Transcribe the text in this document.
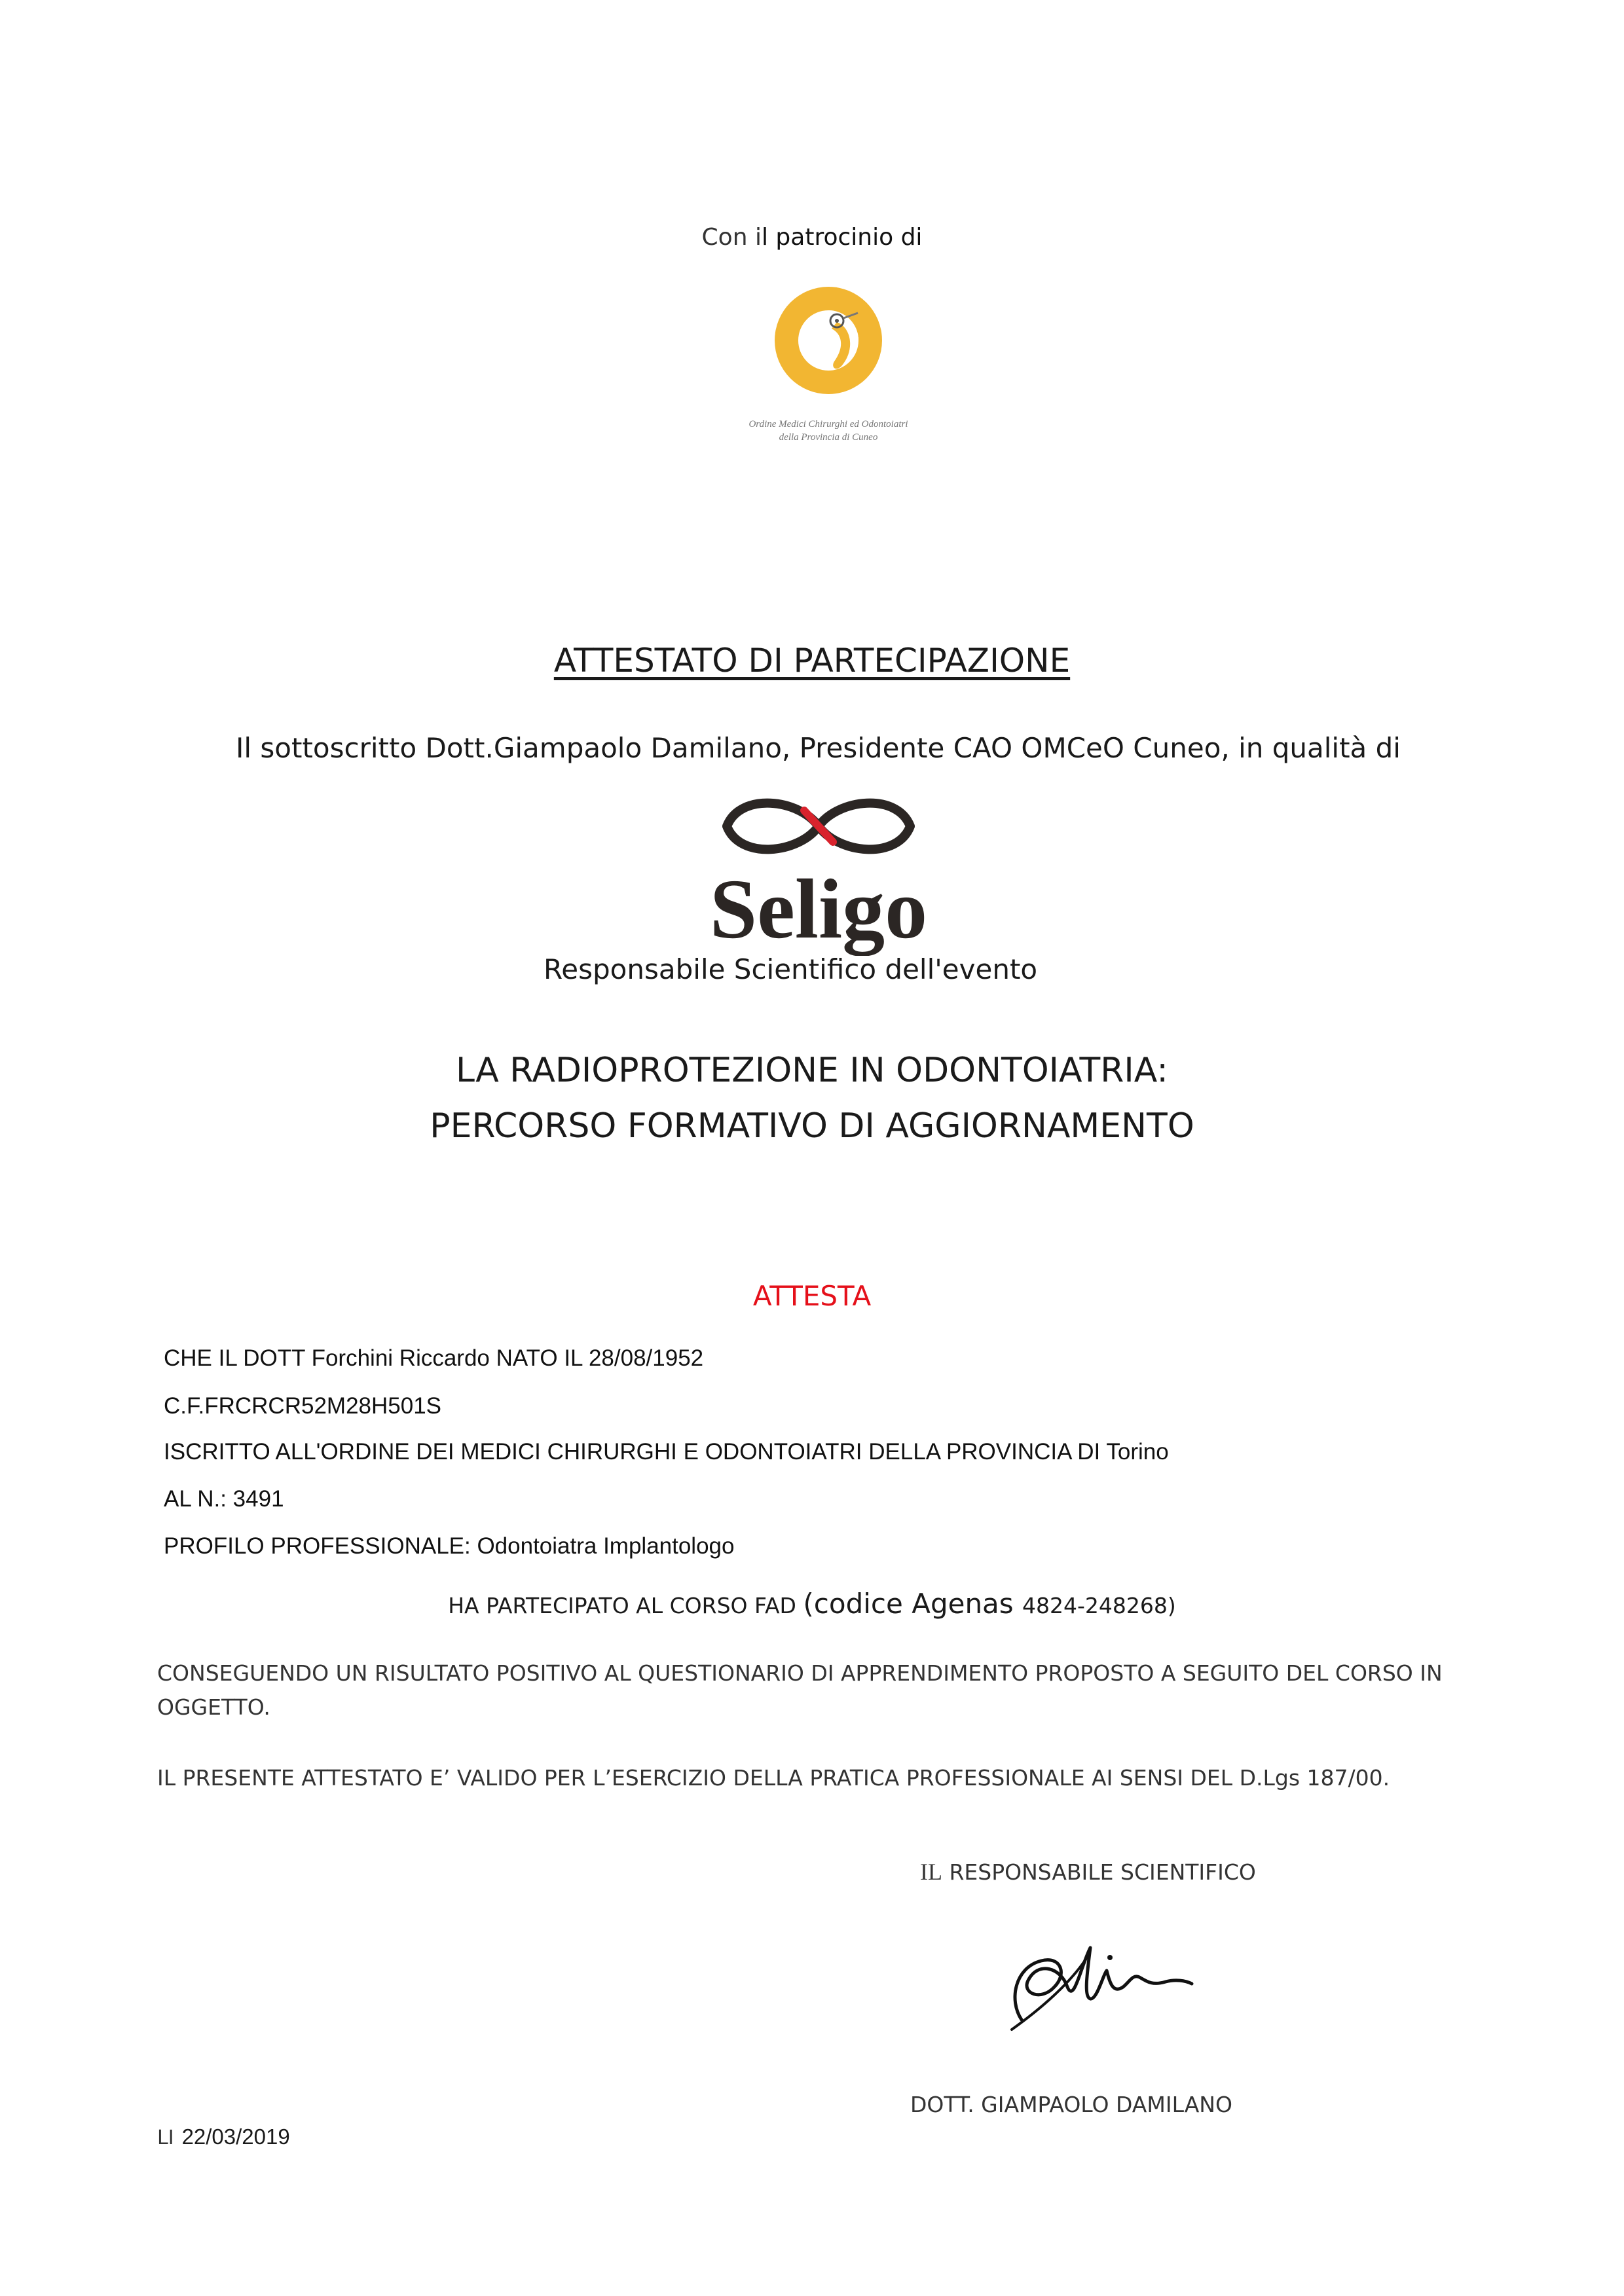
Con il patrocinio di
Ordine Medici Chirurghi ed Odontoiatri
della Provincia di Cuneo
ATTESTATO DI PARTECIPAZIONE
Il sottoscritto Dott.Giampaolo Damilano, Presidente CAO OMCeO Cuneo, in qualità di
Seligo
Responsabile Scientifico dell'evento
LA RADIOPROTEZIONE IN ODONTOIATRIA:
PERCORSO FORMATIVO DI AGGIORNAMENTO
ATTESTA
CHE IL DOTT Forchini Riccardo NATO IL 28/08/1952
C.F.FRCRCR52M28H501S
ISCRITTO ALL'ORDINE DEI MEDICI CHIRURGHI E ODONTOIATRI DELLA PROVINCIA DI Torino
AL N.: 3491
PROFILO PROFESSIONALE: Odontoiatra Implantologo
HA PARTECIPATO AL CORSO FAD (codice Agenas 4824-248268)
CONSEGUENDO UN RISULTATO POSITIVO AL QUESTIONARIO DI APPRENDIMENTO PROPOSTO A SEGUITO DEL CORSO IN OGGETTO.
IL PRESENTE ATTESTATO E’ VALIDO PER L’ESERCIZIO DELLA PRATICA PROFESSIONALE AI SENSI DEL D.Lgs 187/00.
IL RESPONSABILE SCIENTIFICO
DOTT. GIAMPAOLO DAMILANO
LI 22/03/2019
